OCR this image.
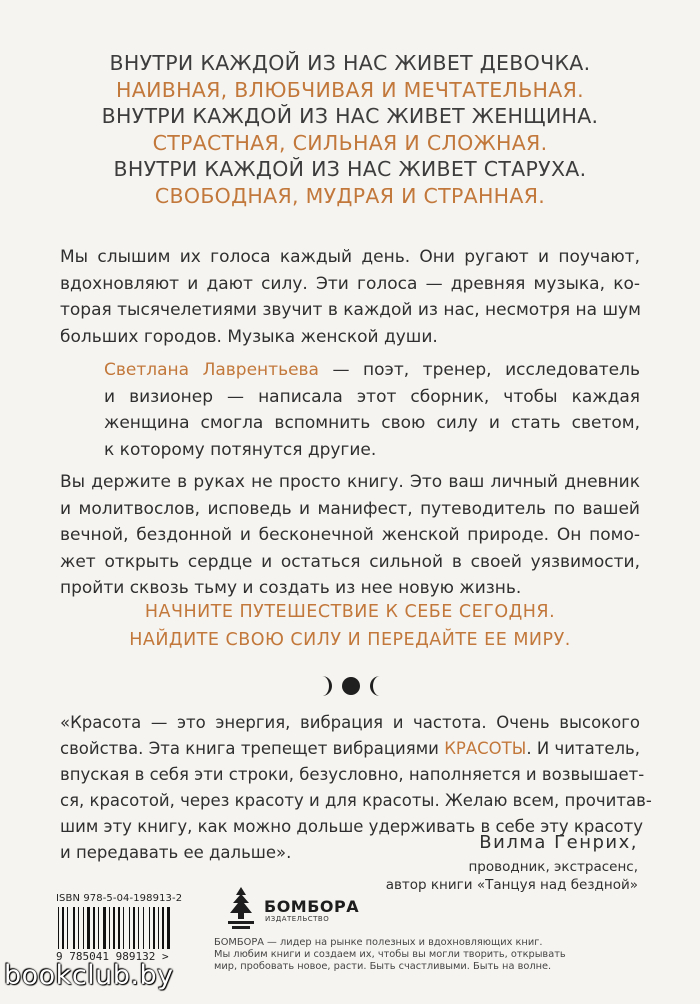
ВНУТРИ КАЖДОЙ ИЗ НАС ЖИВЕТ ДЕВОЧКА.
НАИВНАЯ, ВЛЮБЧИВАЯ И МЕЧТАТЕЛЬНАЯ.
ВНУТРИ КАЖДОЙ ИЗ НАС ЖИВЕТ ЖЕНЩИНА.
СТРАСТНАЯ, СИЛЬНАЯ И СЛОЖНАЯ.
ВНУТРИ КАЖДОЙ ИЗ НАС ЖИВЕТ СТАРУХА.
СВОБОДНАЯ, МУДРАЯ И СТРАННАЯ.
Мы слышим их голоса каждый день. Они ругают и поучают,
вдохновляют и дают силу. Эти голоса — древняя музыка, ко-
торая тысячелетиями звучит в каждой из нас, несмотря на шум
больших городов. Музыка женской души.
Светлана Лаврентьева — поэт, тренер, исследователь
и визионер — написала этот сборник, чтобы каждая
женщина смогла вспомнить свою силу и стать светом,
к которому потянутся другие.
Вы держите в руках не просто книгу. Это ваш личный дневник
и молитвослов, исповедь и манифест, путеводитель по вашей
вечной, бездонной и бесконечной женской природе. Он помо-
жет открыть сердце и остаться сильной в своей уязвимости,
пройти сквозь тьму и создать из нее новую жизнь.
НАЧНИТЕ ПУТЕШЕСТВИЕ К СЕБЕ СЕГОДНЯ.
НАЙДИТЕ СВОЮ СИЛУ И ПЕРЕДАЙТЕ ЕЕ МИРУ.
«Красота — это энергия, вибрация и частота. Очень высокого
свойства. Эта книга трепещет вибрациями КРАСОТЫ. И читатель,
впуская в себя эти строки, безусловно, наполняется и возвышает-
ся, красотой, через красоту и для красоты. Желаю всем, прочитав-
шим эту книгу, как можно дольше удерживать в себе эту красоту
и передавать ее дальше».	Вилма Генрих,
проводник, экстрасенс,
автор книги «Танцуя над бездной»
ISBN 978-5-04-198913-2
9 785041 989132 >
БОМБОРА
ИЗДАТЕЛЬСТВО
БОМБОРА — лидер на рынке полезных и вдохновляющих книг.
Мы любим книги и создаем их, чтобы вы могли творить, открывать
мир, пробовать новое, расти. Быть счастливыми. Быть на волне.
bookclub.by
